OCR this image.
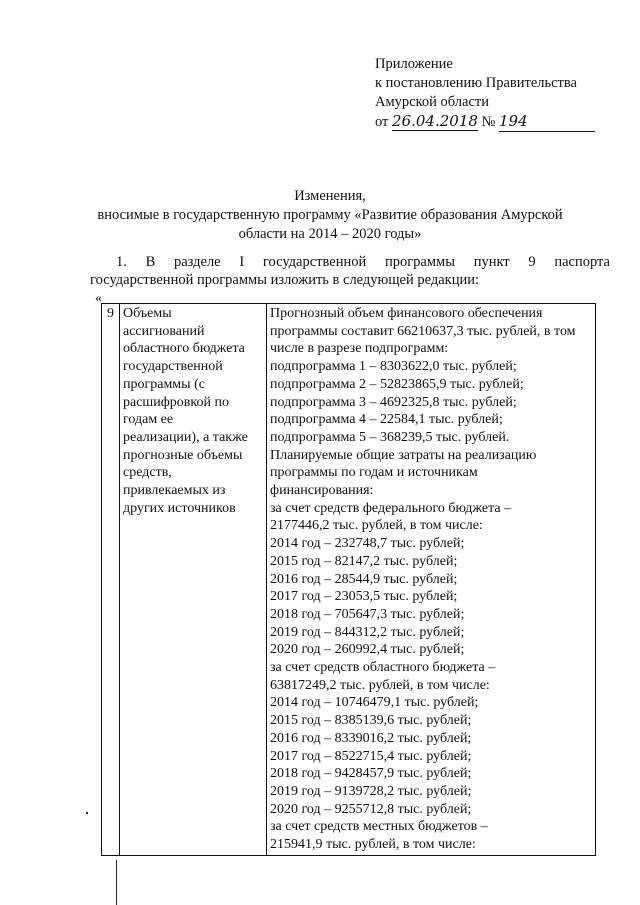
Приложение
к постановлению Правительства
Амурской области
от 26.04.2018 № 194
Изменения,
вносимые в государственную программу «Развитие образования Амурской
области на 2014 – 2020 годы»
1. В разделе I государственной программы пункт 9 паспорта
государственной программы изложить в следующей редакции:
«
9	Объемы
ассигнований
областного бюджета
государственной
программы (с
расшифровкой по
годам ее
реализации), а также
прогнозные объемы
средств,
привлекаемых из
других источников

Прогнозный объем финансового обеспечения
программы составит 66210637,3 тыс. рублей, в том
числе в разрезе подпрограмм:
подпрограмма 1 – 8303622,0 тыс. рублей;
подпрограмма 2 – 52823865,9 тыс. рублей;
подпрограмма 3 – 4692325,8 тыс. рублей;
подпрограмма 4 – 22584,1 тыс. рублей;
подпрограмма 5 – 368239,5 тыс. рублей.
Планируемые общие затраты на реализацию
программы по годам и источникам
финансирования:
за счет средств федерального бюджета –
2177446,2 тыс. рублей, в том числе:
2014 год – 232748,7 тыс. рублей;
2015 год – 82147,2 тыс. рублей;
2016 год – 28544,9 тыс. рублей;
2017 год – 23053,5 тыс. рублей;
2018 год – 705647,3 тыс. рублей;
2019 год – 844312,2 тыс. рублей;
2020 год – 260992,4 тыс. рублей;
за счет средств областного бюджета –
63817249,2 тыс. рублей, в том числе:
2014 год – 10746479,1 тыс. рублей;
2015 год – 8385139,6 тыс. рублей;
2016 год – 8339016,2 тыс. рублей;
2017 год – 8522715,4 тыс. рублей;
2018 год – 9428457,9 тыс. рублей;
2019 год – 9139728,2 тыс. рублей;
2020 год – 9255712,8 тыс. рублей;
за счет средств местных бюджетов –
215941,9 тыс. рублей, в том числе:
